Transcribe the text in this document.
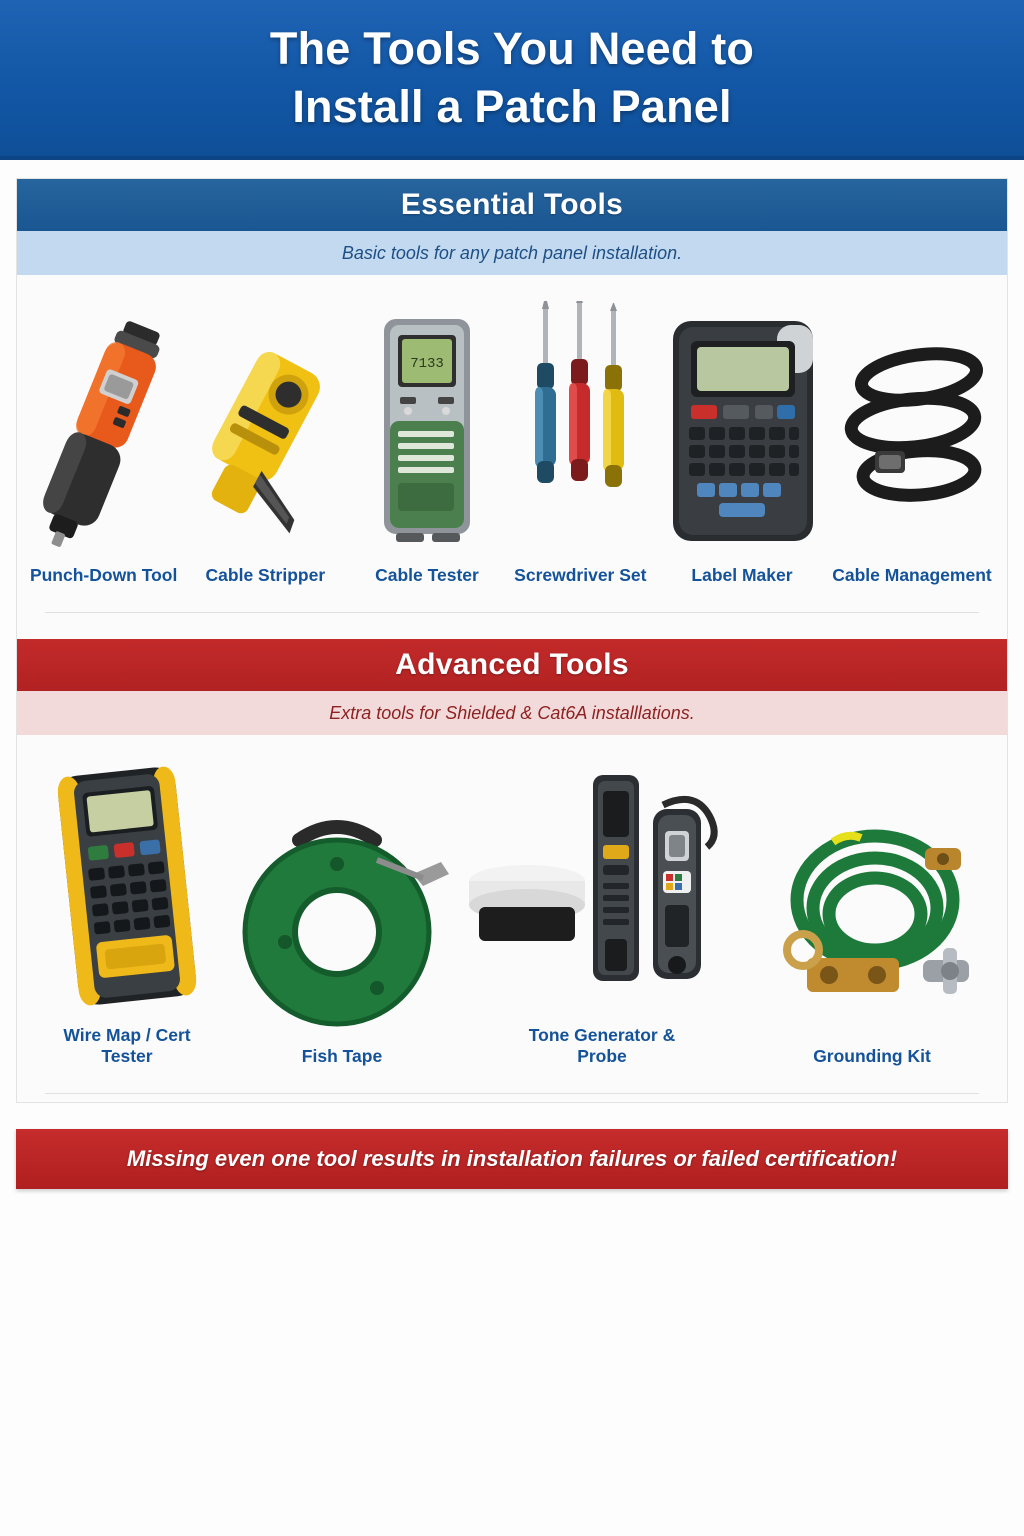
The Tools You Need to
Install a Patch Panel
Essential Tools
Basic tools for any patch panel installation.
Punch-Down Tool Cable Stripper
7133
Cable Tester Screwdriver Set	Label Maker Cable Management
Advanced Tools
Extra tools for Shielded & Cat6A installlations.
Wire Map / Cert Tester	Fish Tape
Tone Generator & Probe	Grounding Kit
Missing even one tool results in installation failures or failed certification!
